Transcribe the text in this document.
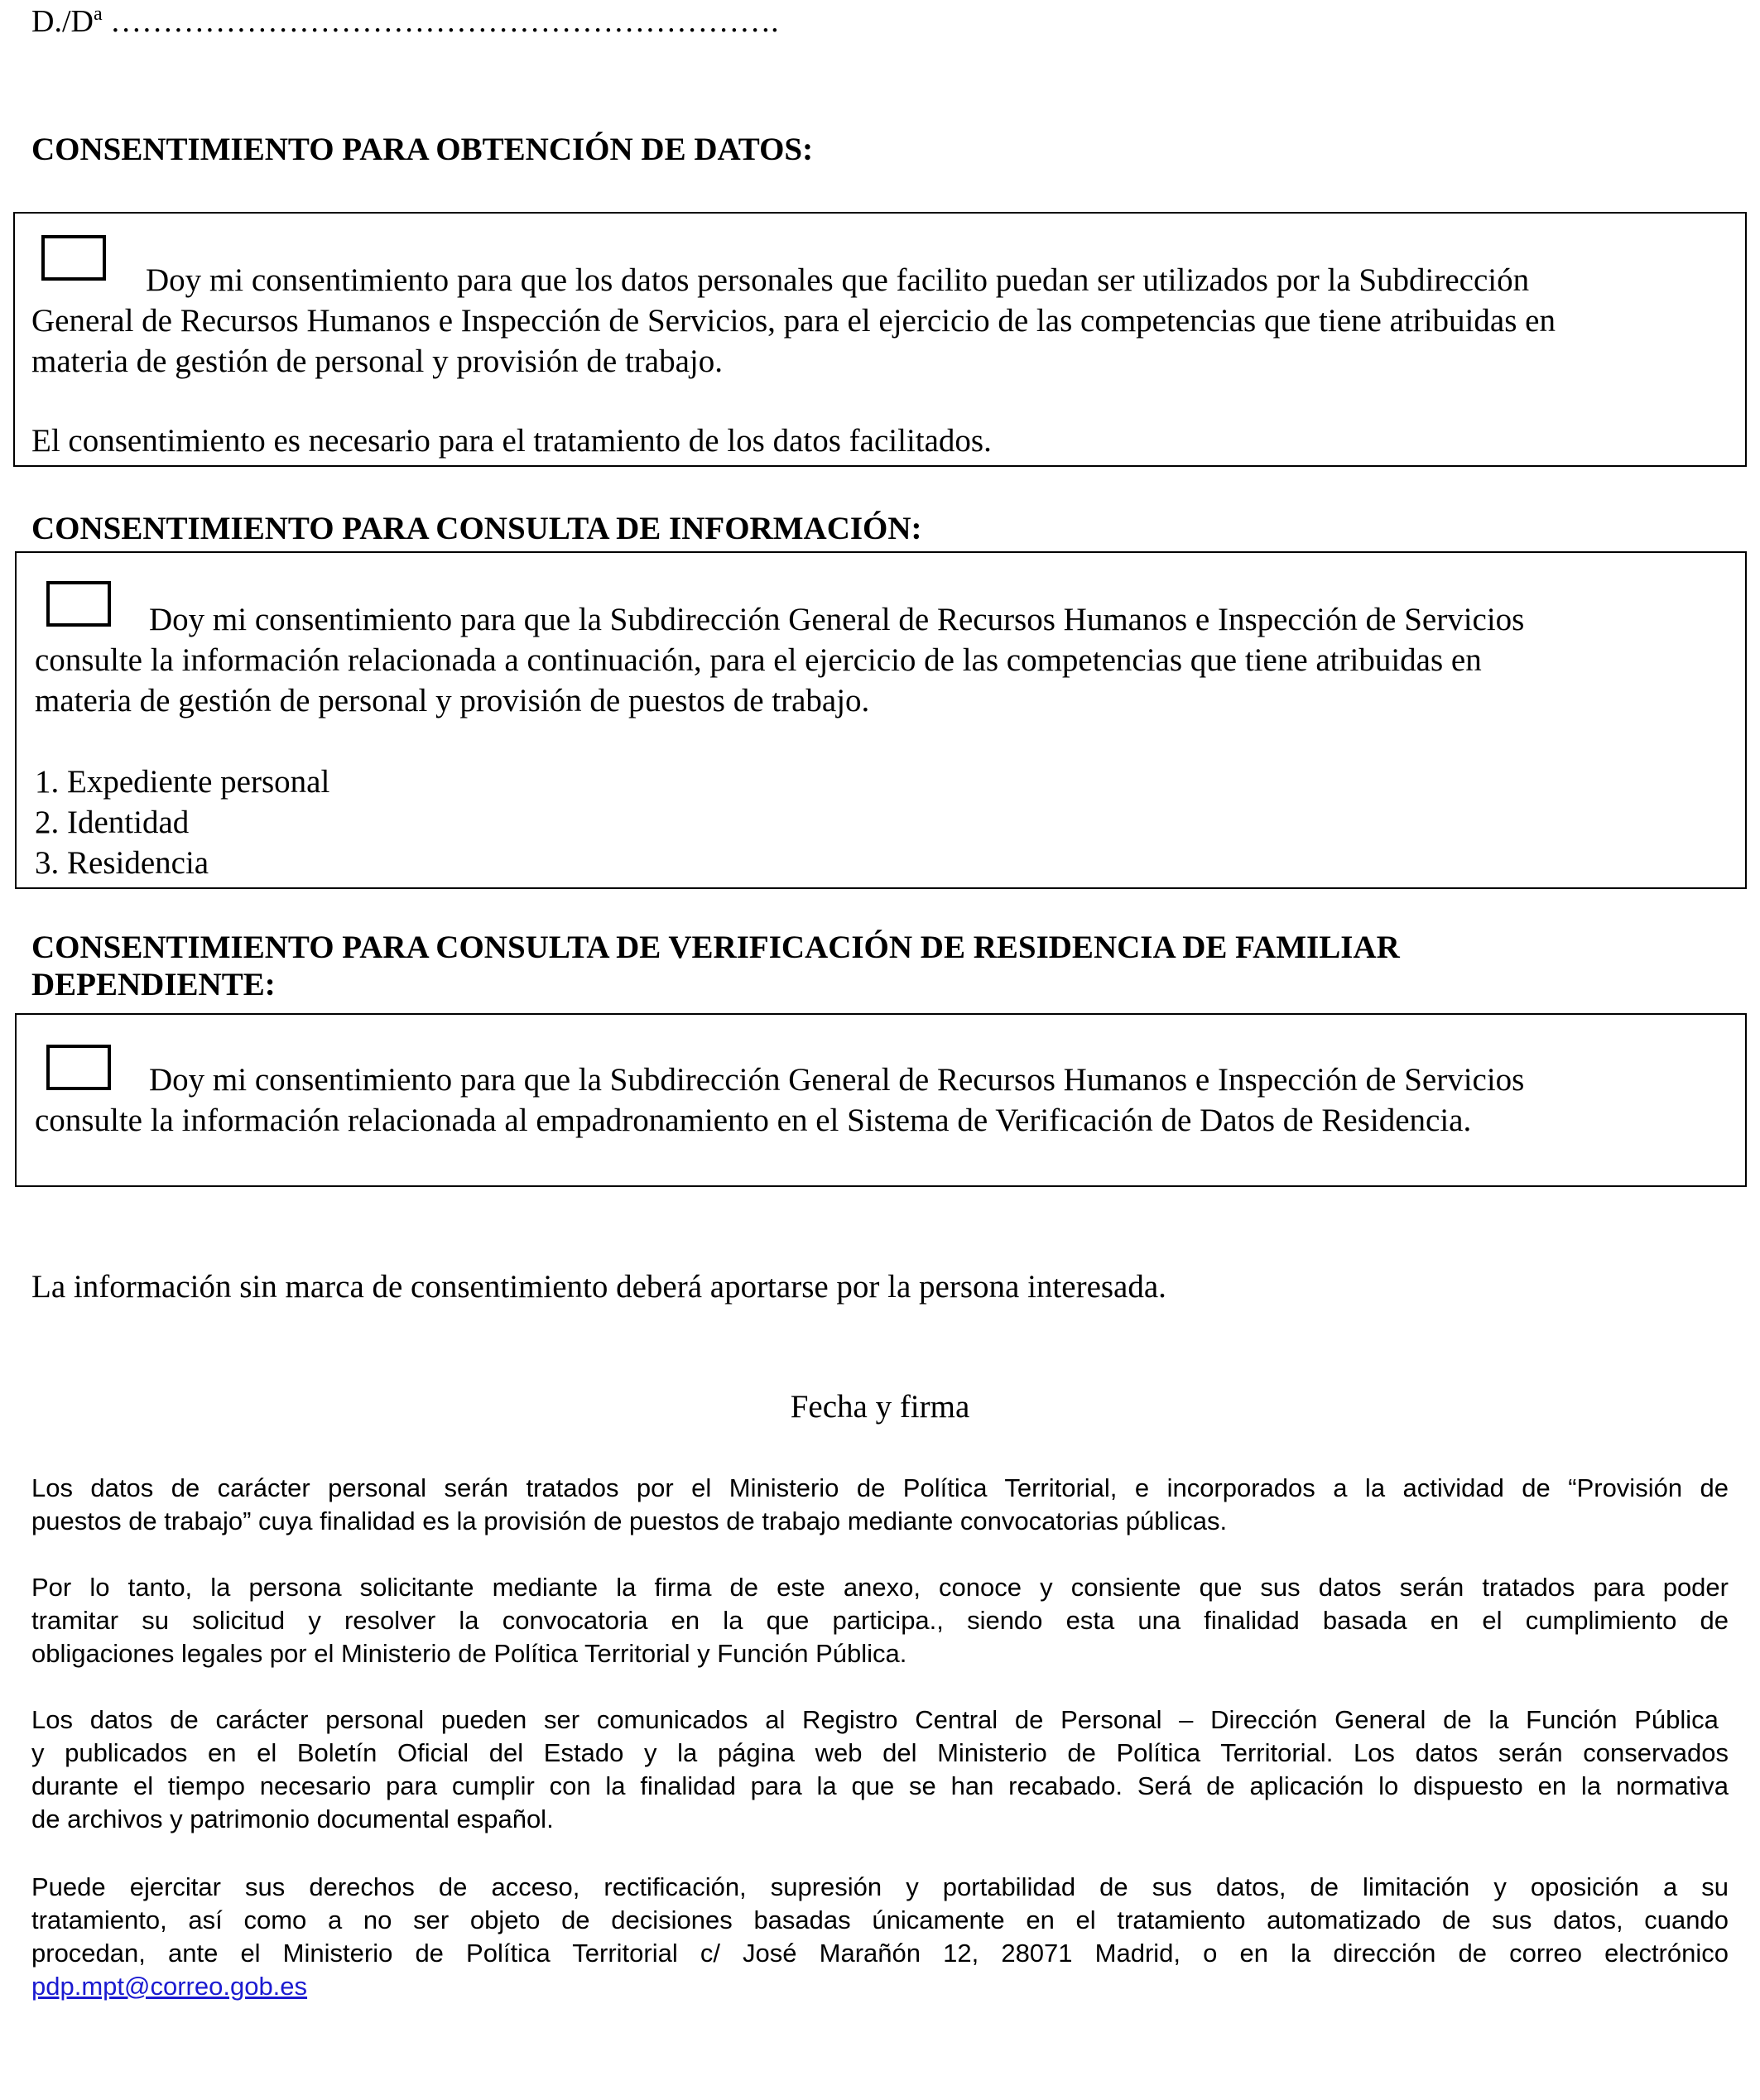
$D./D^a$ ……………………………………………………….
CONSENTIMIENTO PARA OBTENCIÓN DE DATOS:
Doy mi consentimiento para que los datos personales que facilito puedan ser utilizados por la Subdirección
General de Recursos Humanos e Inspección de Servicios, para el ejercicio de las competencias que tiene atribuidas en
materia de gestión de personal y provisión de trabajo.
El consentimiento es necesario para el tratamiento de los datos facilitados.
CONSENTIMIENTO PARA CONSULTA DE INFORMACIÓN:
Doy mi consentimiento para que la Subdirección General de Recursos Humanos e Inspección de Servicios
consulte la información relacionada a continuación, para el ejercicio de las competencias que tiene atribuidas en
materia de gestión de personal y provisión de puestos de trabajo.
1. Expediente personal
2. Identidad
3. Residencia
CONSENTIMIENTO PARA CONSULTA DE VERIFICACIÓN DE RESIDENCIA DE FAMILIAR
DEPENDIENTE:
Doy mi consentimiento para que la Subdirección General de Recursos Humanos e Inspección de Servicios
consulte la información relacionada al empadronamiento en el Sistema de Verificación de Datos de Residencia.
La información sin marca de consentimiento deberá aportarse por la persona interesada.
Fecha y firma
Los datos de carácter personal serán tratados por el Ministerio de Política Territorial, e incorporados a la actividad de “Provisión de
puestos de trabajo” cuya finalidad es la provisión de puestos de trabajo mediante convocatorias públicas.
Por lo tanto, la persona solicitante mediante la firma de este anexo, conoce y consiente que sus datos serán tratados para poder
tramitar su solicitud y resolver la convocatoria en la que participa., siendo esta una finalidad basada en el cumplimiento de
obligaciones legales por el Ministerio de Política Territorial y Función Pública.
Los datos de carácter personal pueden ser comunicados al Registro Central de Personal – Dirección General de la Función Pública
y publicados en el Boletín Oficial del Estado y la página web del Ministerio de Política Territorial. Los datos serán conservados
durante el tiempo necesario para cumplir con la finalidad para la que se han recabado. Será de aplicación lo dispuesto en la normativa
de archivos y patrimonio documental español.
Puede ejercitar sus derechos de acceso, rectificación, supresión y portabilidad de sus datos, de limitación y oposición a su
tratamiento, así como a no ser objeto de decisiones basadas únicamente en el tratamiento automatizado de sus datos, cuando
procedan, ante el Ministerio de Política Territorial c/ José Marañón 12, 28071 Madrid, o en la dirección de correo electrónico
pdp.mpt@correo.gob.es
